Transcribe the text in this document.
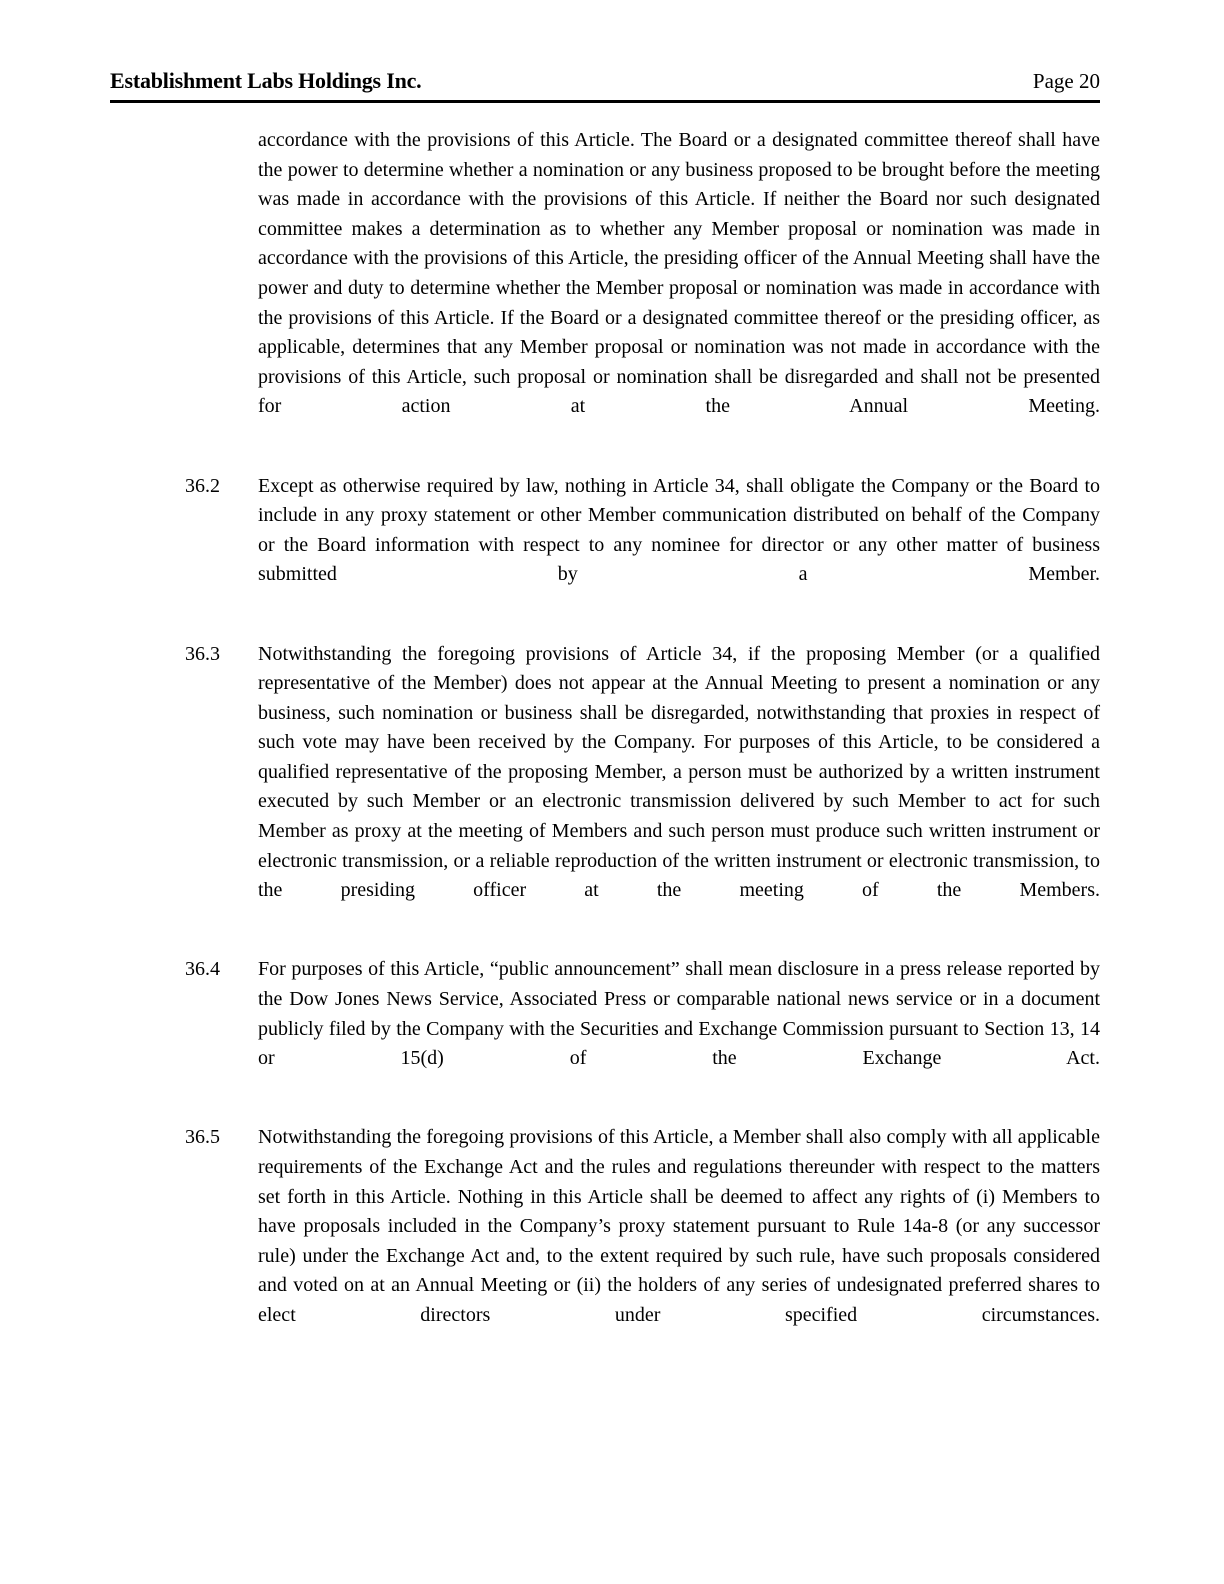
Establishment Labs Holdings Inc.	Page 20
accordance with the provisions of this Article. The Board or a designated committee thereof shall have the power to determine whether a nomination or any business proposed to be brought before the meeting was made in accordance with the provisions of this Article. If neither the Board nor such designated committee makes a determination as to whether any Member proposal or nomination was made in accordance with the provisions of this Article, the presiding officer of the Annual Meeting shall have the power and duty to determine whether the Member proposal or nomination was made in accordance with the provisions of this Article. If the Board or a designated committee thereof or the presiding officer, as applicable, determines that any Member proposal or nomination was not made in accordance with the provisions of this Article, such proposal or nomination shall be disregarded and shall not be presented for action at the Annual Meeting.
36.2	Except as otherwise required by law, nothing in Article 34, shall obligate the Company or the Board to include in any proxy statement or other Member communication distributed on behalf of the Company or the Board information with respect to any nominee for director or any other matter of business submitted by a Member.
36.3	Notwithstanding the foregoing provisions of Article 34, if the proposing Member (or a qualified representative of the Member) does not appear at the Annual Meeting to present a nomination or any business, such nomination or business shall be disregarded, notwithstanding that proxies in respect of such vote may have been received by the Company. For purposes of this Article, to be considered a qualified representative of the proposing Member, a person must be authorized by a written instrument executed by such Member or an electronic transmission delivered by such Member to act for such Member as proxy at the meeting of Members and such person must produce such written instrument or electronic transmission, or a reliable reproduction of the written instrument or electronic transmission, to the presiding officer at the meeting of the Members.
36.4	For purposes of this Article, “public announcement” shall mean disclosure in a press release reported by the Dow Jones News Service, Associated Press or comparable national news service or in a document publicly filed by the Company with the Securities and Exchange Commission pursuant to Section 13, 14 or 15(d) of the Exchange Act.
36.5	Notwithstanding the foregoing provisions of this Article, a Member shall also comply with all applicable requirements of the Exchange Act and the rules and regulations thereunder with respect to the matters set forth in this Article. Nothing in this Article shall be deemed to affect any rights of (i) Members to have proposals included in the Company’s proxy statement pursuant to Rule 14a-8 (or any successor rule) under the Exchange Act and, to the extent required by such rule, have such proposals considered and voted on at an Annual Meeting or (ii) the holders of any series of undesignated preferred shares to elect directors under specified circumstances.
